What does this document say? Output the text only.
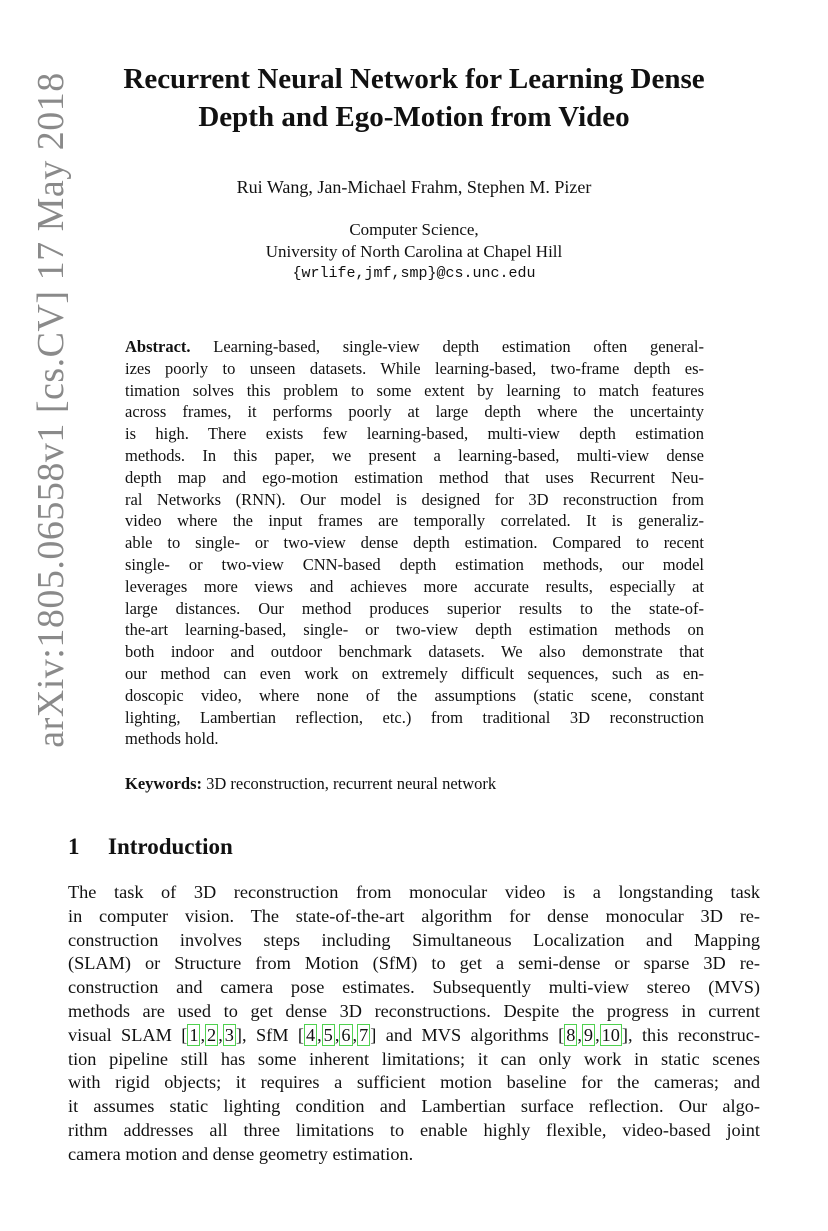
arXiv:1805.06558v1 [cs.CV] 17 May 2018	Recurrent Neural Network for Learning Dense
Depth and Ego-Motion from Video
Rui Wang, Jan-Michael Frahm, Stephen M. Pizer
Computer Science,
University of North Carolina at Chapel Hill
{wrlife,jmf,smp}@cs.unc.edu
Abstract. Learning-based, single-view depth estimation often general-
izes poorly to unseen datasets. While learning-based, two-frame depth es-
timation solves this problem to some extent by learning to match features
across frames, it performs poorly at large depth where the uncertainty
is high. There exists few learning-based, multi-view depth estimation
methods. In this paper, we present a learning-based, multi-view dense
depth map and ego-motion estimation method that uses Recurrent Neu-
ral Networks (RNN). Our model is designed for 3D reconstruction from
video where the input frames are temporally correlated. It is generaliz-
able to single- or two-view dense depth estimation. Compared to recent
single- or two-view CNN-based depth estimation methods, our model
leverages more views and achieves more accurate results, especially at
large distances. Our method produces superior results to the state-of-
the-art learning-based, single- or two-view depth estimation methods on
both indoor and outdoor benchmark datasets. We also demonstrate that
our method can even work on extremely difficult sequences, such as en-
doscopic video, where none of the assumptions (static scene, constant
lighting, Lambertian reflection, etc.) from traditional 3D reconstruction
methods hold.
Keywords: 3D reconstruction, recurrent neural network
1 Introduction
The task of 3D reconstruction from monocular video is a longstanding task
in computer vision. The state-of-the-art algorithm for dense monocular 3D re-
construction involves steps including Simultaneous Localization and Mapping
(SLAM) or Structure from Motion (SfM) to get a semi-dense or sparse 3D re-
construction and camera pose estimates. Subsequently multi-view stereo (MVS)
methods are used to get dense 3D reconstructions. Despite the progress in current
visual SLAM [ 1 , 2 , 3 ], SfM [ 4 , 5 , 6 , 7 ] and MVS algorithms [ 8 , 9 , 10 ], this reconstruc-
tion pipeline still has some inherent limitations; it can only work in static scenes
with rigid objects; it requires a sufficient motion baseline for the cameras; and
it assumes static lighting condition and Lambertian surface reflection. Our algo-
rithm addresses all three limitations to enable highly flexible, video-based joint
camera motion and dense geometry estimation.
